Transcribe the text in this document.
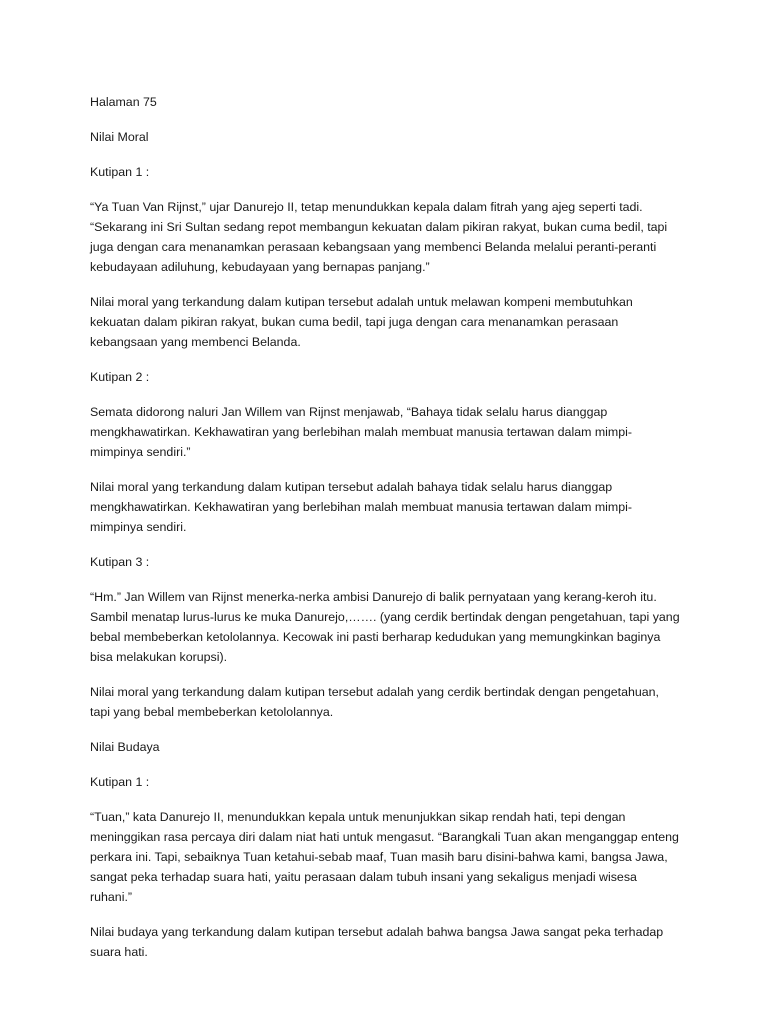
Halaman 75

Nilai Moral

Kutipan 1 :

“Ya Tuan Van Rijnst,” ujar Danurejo II, tetap menundukkan kepala dalam fitrah yang ajeg seperti tadi. “Sekarang ini Sri Sultan sedang repot membangun kekuatan dalam pikiran rakyat, bukan cuma bedil, tapi juga dengan cara menanamkan perasaan kebangsaan yang membenci Belanda melalui peranti-peranti kebudayaan adiluhung, kebudayaan yang bernapas panjang.”

Nilai moral yang terkandung dalam kutipan tersebut adalah untuk melawan kompeni membutuhkan kekuatan dalam pikiran rakyat, bukan cuma bedil, tapi juga dengan cara menanamkan perasaan kebangsaan yang membenci Belanda.

Kutipan 2 :

Semata didorong naluri Jan Willem van Rijnst menjawab, “Bahaya tidak selalu harus dianggap mengkhawatirkan. Kekhawatiran yang berlebihan malah membuat manusia tertawan dalam mimpi-mimpinya sendiri.”

Nilai moral yang terkandung dalam kutipan tersebut adalah bahaya tidak selalu harus dianggap mengkhawatirkan. Kekhawatiran yang berlebihan malah membuat manusia tertawan dalam mimpi-mimpinya sendiri.

Kutipan 3 :

“Hm.” Jan Willem van Rijnst menerka-nerka ambisi Danurejo di balik pernyataan yang kerang-keroh itu. Sambil menatap lurus-lurus ke muka Danurejo,……. (yang cerdik bertindak dengan pengetahuan, tapi yang bebal membeberkan ketololannya. Kecowak ini pasti berharap kedudukan yang memungkinkan baginya bisa melakukan korupsi).

Nilai moral yang terkandung dalam kutipan tersebut adalah yang cerdik bertindak dengan pengetahuan, tapi yang bebal membeberkan ketololannya.

Nilai Budaya

Kutipan 1 :

“Tuan,” kata Danurejo II, menundukkan kepala untuk menunjukkan sikap rendah hati, tepi dengan meninggikan rasa percaya diri dalam niat hati untuk mengasut. “Barangkali Tuan akan menganggap enteng perkara ini. Tapi, sebaiknya Tuan ketahui-sebab maaf, Tuan masih baru disini-bahwa kami, bangsa Jawa, sangat peka terhadap suara hati, yaitu perasaan dalam tubuh insani yang sekaligus menjadi wisesa ruhani.”

Nilai budaya yang terkandung dalam kutipan tersebut adalah bahwa bangsa Jawa sangat peka terhadap suara hati.
